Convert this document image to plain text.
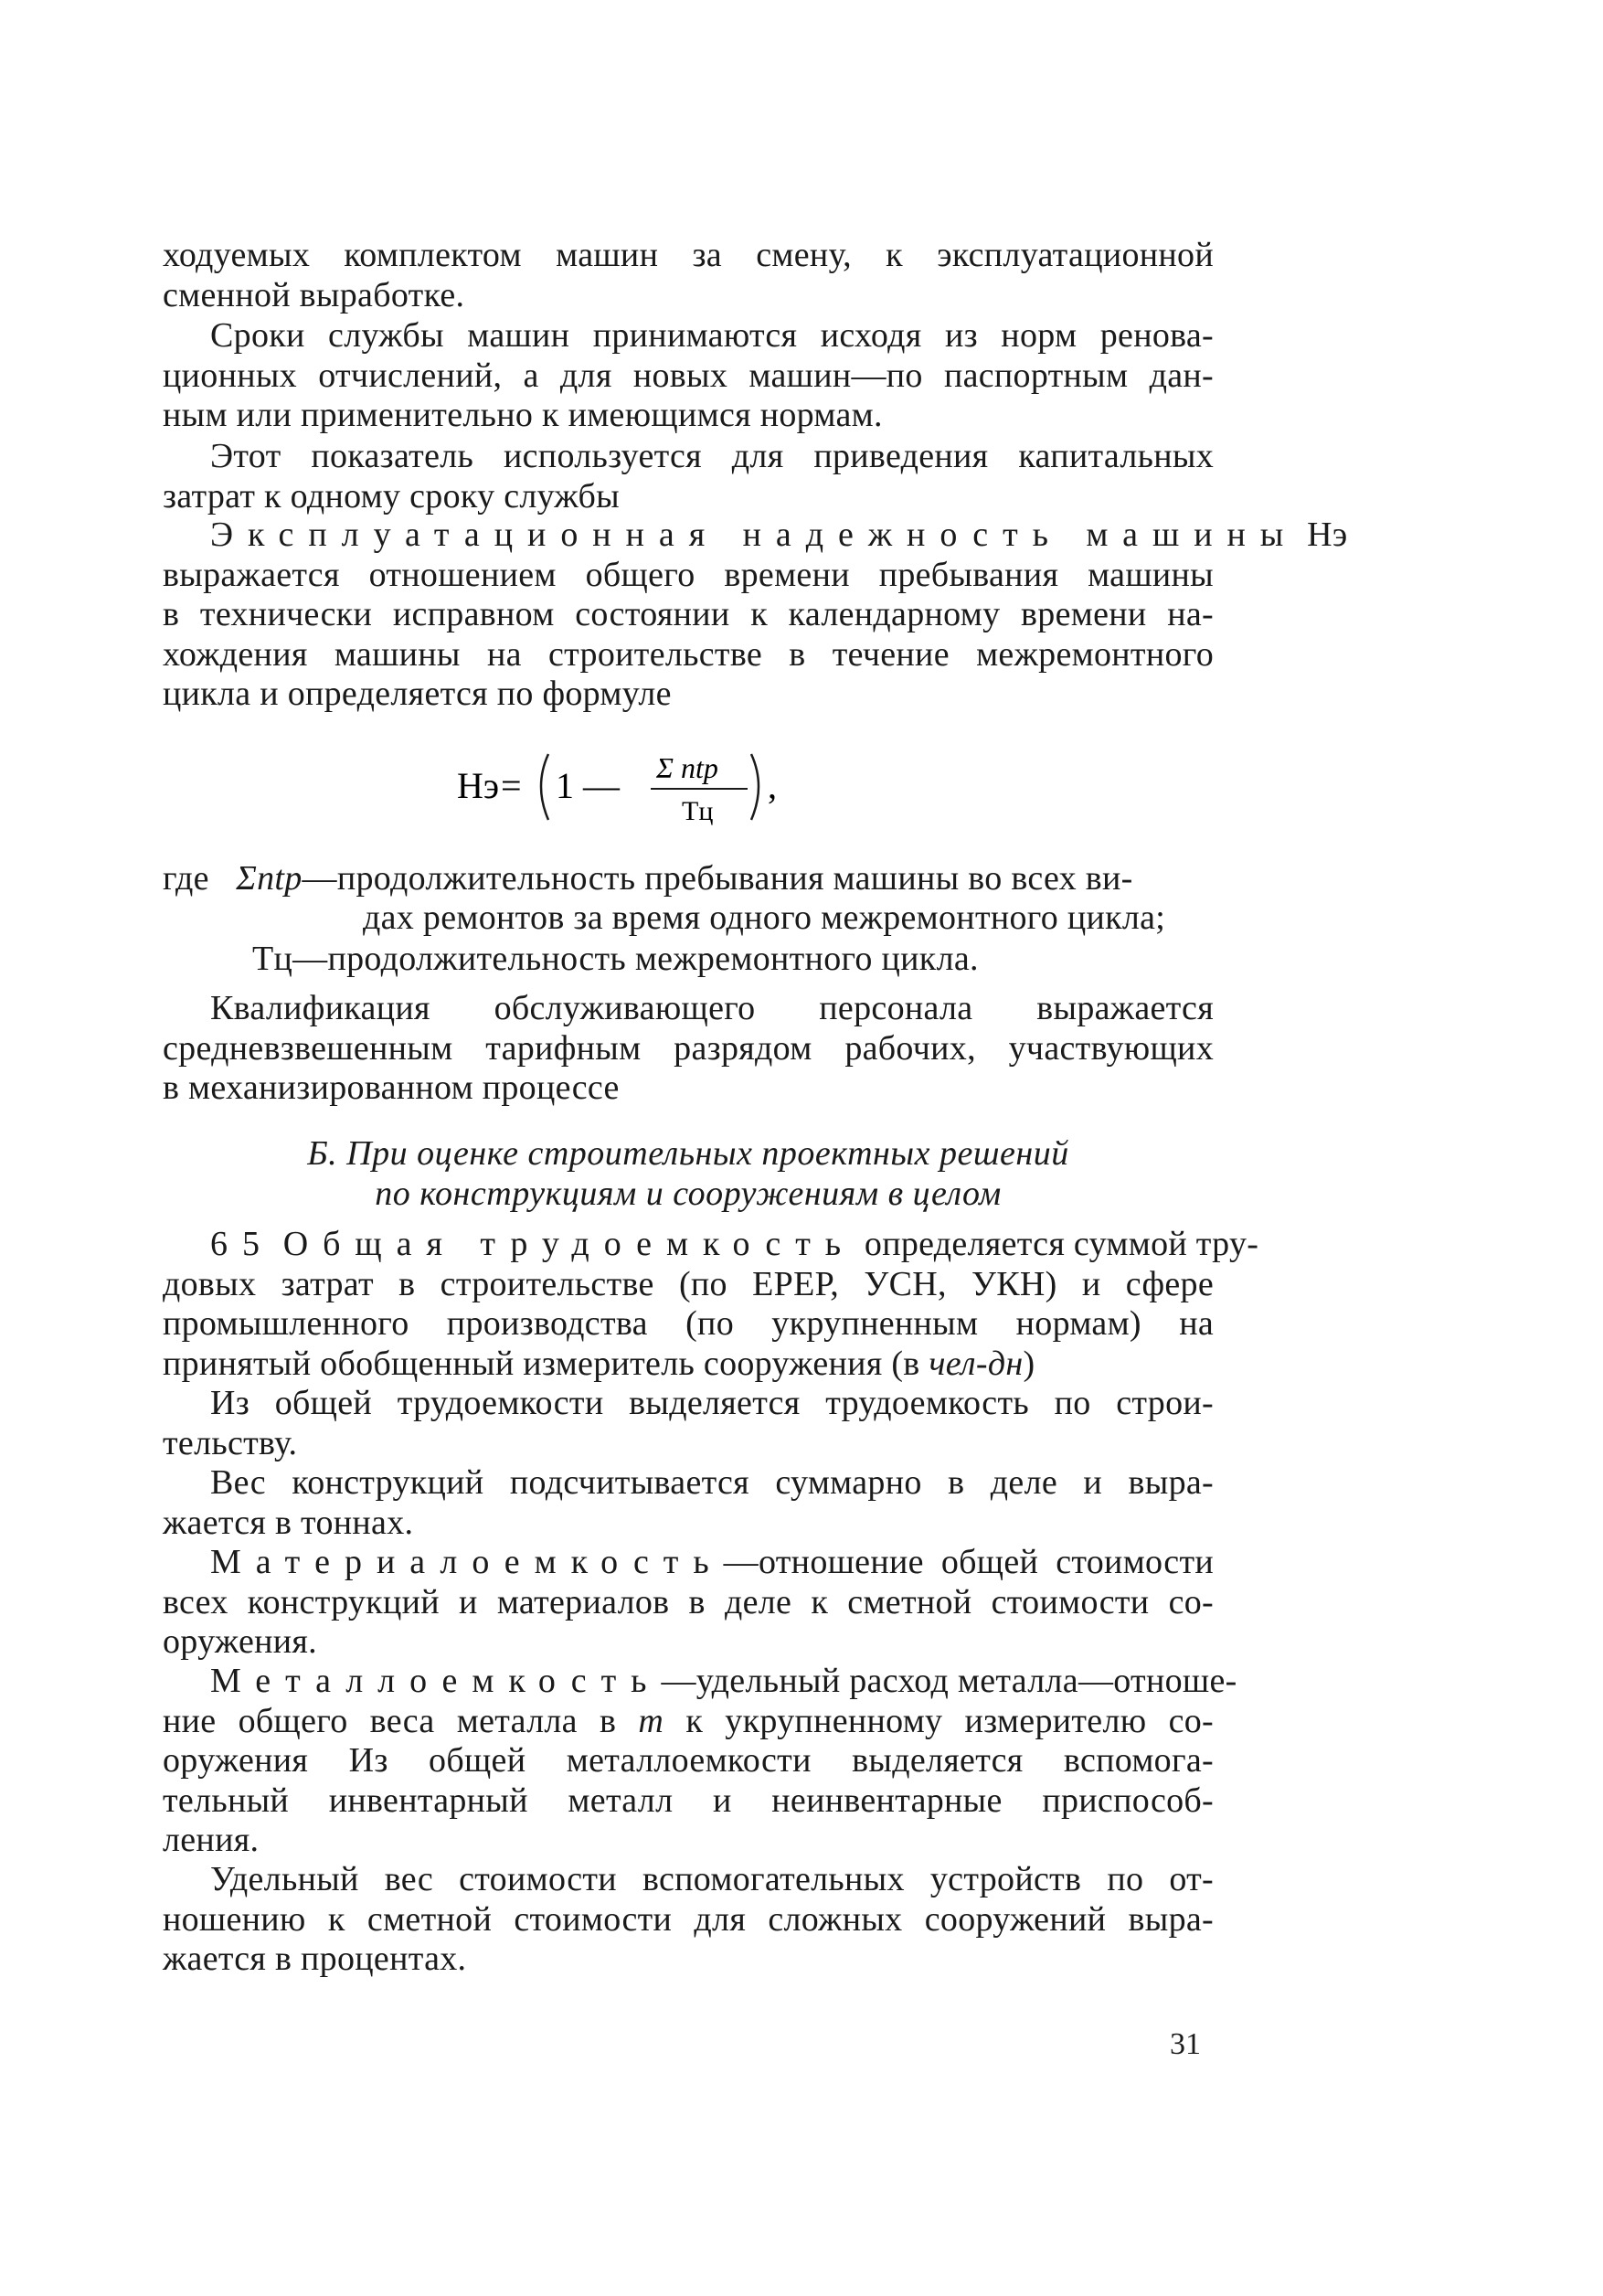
ходуемых комплектом машин за смену, к эксплуатационной
сменной выработке.
Сроки службы машин принимаются исходя из норм ренова-
ционных отчислений, а для новых машин—по паспортным дан-
ным или применительно к имеющимся нормам.
Этот показатель используется для приведения капитальных
затрат к одному сроку службы
Эксплуатационная надежность машины Нэ
выражается отношением общего времени пребывания машины
в технически исправном состоянии к календарному времени на-
хождения машины на строительстве в течение межремонтного
цикла и определяется по формуле
Нэ = 1 — Σ ntр
Тц
,
где Σntр—продолжительность пребывания машины во всех ви-
дах ремонтов за время одного межремонтного цикла;
Тц—продолжительность межремонтного цикла.
Квалификация обслуживающего персонала выражается
средневзвешенным тарифным разрядом рабочих, участвующих
в механизированном процессе
Б. При оценке строительных проектных решений
по конструкциям и сооружениям в целом
65 Общая трудоемкость определяется суммой тру-
довых затрат в строительстве (по ЕРЕР, УСН, УКН) и сфере
промышленного производства (по укрупненным нормам) на
принятый обобщенный измеритель сооружения (в чел-дн)
Из общей трудоемкости выделяется трудоемкость по строи-
тельству.
Вес конструкций подсчитывается суммарно в деле и выра-
жается в тоннах.
Материалоемкость—отношение общей стоимости
всех конструкций и материалов в деле к сметной стоимости со-
оружения.
Металлоемкость—удельный расход металла—отноше-
ние общего веса металла в т к укрупненному измерителю со-
оружения Из общей металлоемкости выделяется вспомога-
тельный инвентарный металл и неинвентарные приспособ-
ления.
Удельный вес стоимости вспомогательных устройств по от-
ношению к сметной стоимости для сложных сооружений выра-
жается в процентах.
31
